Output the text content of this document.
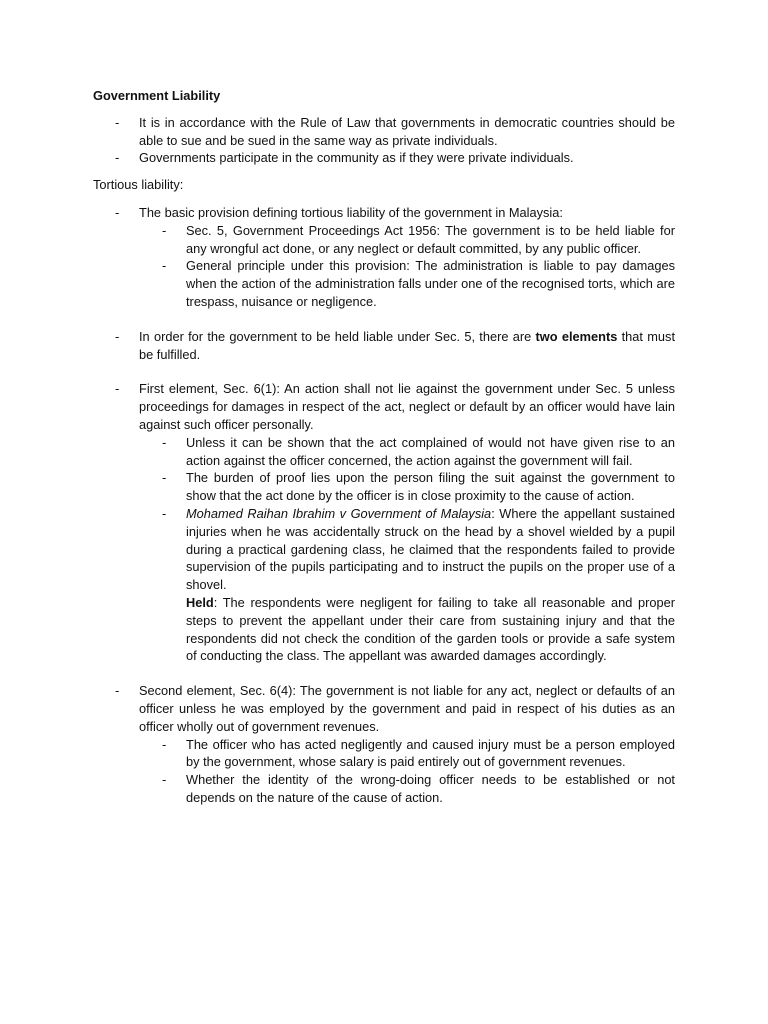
Government Liability
- It is in accordance with the Rule of Law that governments in democratic countries should be able to sue and be sued in the same way as private individuals.
- Governments participate in the community as if they were private individuals.
Tortious liability:
- The basic provision defining tortious liability of the government in Malaysia:
- Sec. 5, Government Proceedings Act 1956: The government is to be held liable for any wrongful act done, or any neglect or default committed, by any public officer.
- General principle under this provision: The administration is liable to pay damages when the action of the administration falls under one of the recognised torts, which are trespass, nuisance or negligence.
- In order for the government to be held liable under Sec. 5, there are two elements that must be fulfilled.
- First element, Sec. 6(1): An action shall not lie against the government under Sec. 5 unless proceedings for damages in respect of the act, neglect or default by an officer would have lain against such officer personally.
- Unless it can be shown that the act complained of would not have given rise to an action against the officer concerned, the action against the government will fail.
- The burden of proof lies upon the person filing the suit against the government to show that the act done by the officer is in close proximity to the cause of action.
- Mohamed Raihan Ibrahim v Government of Malaysia: Where the appellant sustained injuries when he was accidentally struck on the head by a shovel wielded by a pupil during a practical gardening class, he claimed that the respondents failed to provide supervision of the pupils participating and to instruct the pupils on the proper use of a shovel.
Held: The respondents were negligent for failing to take all reasonable and proper steps to prevent the appellant under their care from sustaining injury and that the respondents did not check the condition of the garden tools or provide a safe system of conducting the class. The appellant was awarded damages accordingly.
- Second element, Sec. 6(4): The government is not liable for any act, neglect or defaults of an officer unless he was employed by the government and paid in respect of his duties as an officer wholly out of government revenues.
- The officer who has acted negligently and caused injury must be a person employed by the government, whose salary is paid entirely out of government revenues.
- Whether the identity of the wrong-doing officer needs to be established or not depends on the nature of the cause of action.
